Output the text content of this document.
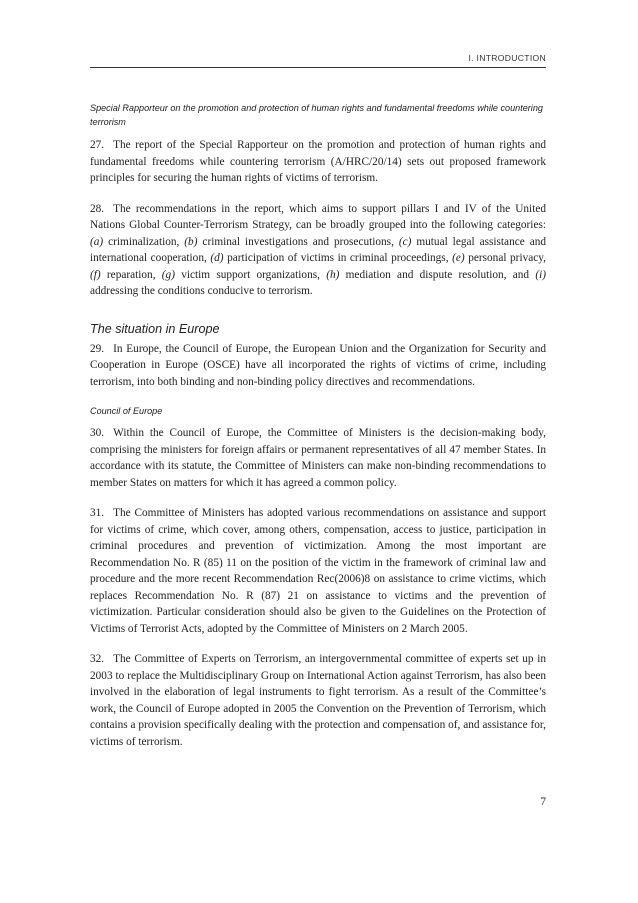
I. INTRODUCTION

Special Rapporteur on the promotion and protection of human rights and fundamental freedoms while countering terrorism

27. The report of the Special Rapporteur on the promotion and protection of human rights and fundamental freedoms while countering terrorism (A/HRC/20/14) sets out proposed framework principles for securing the human rights of victims of terrorism.

28. The recommendations in the report, which aims to support pillars I and IV of the United Nations Global Counter-Terrorism Strategy, can be broadly grouped into the following categories: (a) criminalization, (b) criminal investigations and prosecutions, (c) mutual legal assistance and international cooperation, (d) participation of victims in criminal proceedings, (e) personal privacy, (f) reparation, (g) victim support organizations, (h) mediation and dispute resolution, and (i) addressing the conditions conducive to terrorism.

The situation in Europe

29. In Europe, the Council of Europe, the European Union and the Organization for Security and Cooperation in Europe (OSCE) have all incorporated the rights of victims of crime, including terrorism, into both binding and non-binding policy directives and recommendations.

Council of Europe

30. Within the Council of Europe, the Committee of Ministers is the decision-making body, comprising the ministers for foreign affairs or permanent representatives of all 47 member States. In accordance with its statute, the Committee of Ministers can make non-binding recommendations to member States on matters for which it has agreed a common policy.

31. The Committee of Ministers has adopted various recommendations on assistance and support for victims of crime, which cover, among others, compensation, access to justice, participation in criminal procedures and prevention of victimization. Among the most important are Recommendation No. R (85) 11 on the position of the victim in the framework of criminal law and procedure and the more recent Recommendation Rec(2006)8 on assistance to crime victims, which replaces Recommendation No. R (87) 21 on assistance to victims and the prevention of victimization. Particular consideration should also be given to the Guidelines on the Protection of Victims of Terrorist Acts, adopted by the Committee of Ministers on 2 March 2005.

32. The Committee of Experts on Terrorism, an intergovernmental committee of experts set up in 2003 to replace the Multidisciplinary Group on International Action against Terrorism, has also been involved in the elaboration of legal instruments to fight terrorism. As a result of the Committee’s work, the Council of Europe adopted in 2005 the Convention on the Prevention of Terrorism, which contains a provision specifically dealing with the protection and compensation of, and assistance for, victims of terrorism.

7
